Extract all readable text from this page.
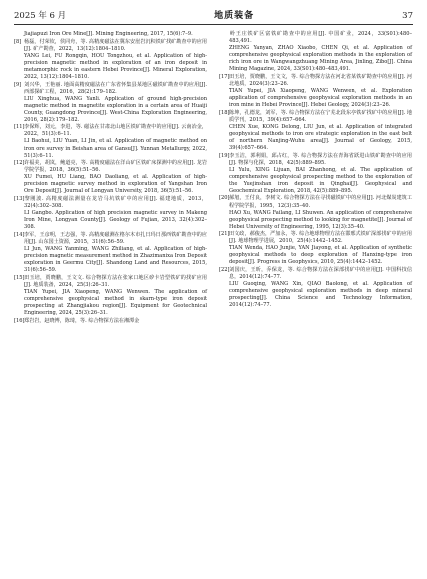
2025 年 6 月	地质装备	37
Jiajiapuzi Iron Ore Mine[J]. Mining Engineering, 2017, 15(6):7–9.
[8] 杨磊，付荣钦，侯同舟，等. 高精度磁法在冀东安崖岩沉积铁矿找矿勘查中的应用[J]. 矿产勘查，2022，13(12):1804–1810.
YANG Lei, FU Rongqin, HOU Tongzhou, et al. Application of high-precision magnetic method in exploration of an iron deposit in metamorphic rock in eastern Hebei Province[J]. Mineral Exploration, 2022, 13(12):1804–1810.
[9] 刘兴华，王艳丽. 地面高精度磁法在广东省怀集县某地区磁铁矿勘查中的应用[J]. 西部探矿工程，2016，28(2):179–182.
LIU Xinghua, WANG Yanli. Application of ground high-precision magnetic method in magnetite exploration in a certain area of Huaiji County, Guangdong Province[J]. West-China Exploration Engineering, 2016, 28(2):179–182.
[11]李保辉，刘元，李进，等. 磁法在甘肃北山地区铁矿勘查中的应用[J]. 云南冶金，2022，51(3):6–11.
LI Baohui, LIU Yuan, LI Jin, et al. Application of magnetic method on iron ore survey in Beishan area of Gansu[J]. Yunnan Metallurgy, 2022, 51(3):6–11.
[12]许福美，胡岚，鲍道亮，等. 高精度磁法在洋山矿区铁矿床探测中的应用[J]. 龙岩学院学报，2018，36(5):51–56.
XU Fumei, HU Liang, BAO Daoliang, et al. Application of high-precision magnetic survey method in exploration of Yangshan Iron Ore Deposit[J]. Journal of Longyan University, 2018, 36(5):51–56.
[13]黎刚波. 高精度磁法测量在龙岩马坑铁矿中的应用[J]. 福建地质，2013，32(4):302–308.
LI Gangbo. Application of high precision magnetic survey in Makeng Iron Mine, Longyan County[J]. Geology of Fujian, 2013, 32(4):302–308.
[14]李军，王彦明，王志强，等. 高精度磁测在格尔木市扎日玛日那西铁矿勘查中的应用[J]. 山东国土资源，2015，31(6):56–59.
LI Jun, WANG Yanming, WANG Zhiliang, et al. Application of high-precision magnetic measurement method in Zhazimanixa Iron Deposit exploration in Geermu City[J]. Shandong Land and Resources, 2015, 31(6):56–59.
[15]田玉培，贾晓鹏，王文文. 综合物探方法在张家口地区矽卡岩型铁矿的找矿应用[J]. 地质装备，2024，25(3):26–31.
TIAN Yupei, JIA Xiaopeng, WANG Wenwen. The application of comprehensive geophysical method in skarn-type iron deposit prospecting at Zhangjiakou region[J]. Equipment for Geotechnical Engineering, 2024, 25(3):26–31.
[16]郑岩岩，赵晓博，陈琦，等. 综合物探方法在湘潭金
岭王庄铁矿区富铁矿勘查中的应用[J]. 中国矿业，2024，33(S01):480–483,491.
ZHENG Yanyan, ZHAO Xiaobo, CHEN Qi, et al. Application of comprehensive geophysical exploration methods in the exploration of rich iron ore in Wangwangzhuang Mining Area, Jinling, Zibo[J]. China Mining Magazine, 2024, 33(S01):480–483,491.
[17]田玉培，贾晓鹏，王文文，等. 综合物探方法在河北省某铁矿勘查中的应用[J]. 河北地质，2024(3):23–26.
TIAN Yupei, JIA Xiaopeng, WANG Wenwen, et al. Exploration application of comprehensive geophysical exploration methods in an iron mine in Hebei Province[J]. Hebei Geology, 2024(3):23–26.
[18]陈坤，孔德龙，刘军，等. 综合物探方法在宁芜北段东亭铁矿找矿中的应用[J]. 地质学刊，2015，39(4):657–664.
CHEN Xue, KONG Delong, LIU Jun, et al. Application of integrated geophysical methods to iron ore strategic exploration in the east belt of northern Nanjing-Wuhu area[J]. Journal of Geology, 2015, 39(4):657–664.
[19]李玉洁，郭利娟，邱占红，等. 综合物探方法在青海省跃进山铁矿勘查中的应用[J]. 物探与化探，2018，42(5):889–895.
LI Yulu, XING Lijuan, BAI Zhanhong, et al. The application of comprehensive geophysical prospecting method to the exploration of the Yuejinshan iron deposit in Qinghai[J]. Geophysical and Geochemical Exploration, 2018, 42(5):889–895.
[20]郝旭，王付良，李树文. 综合物探方法在寻找磁铁矿中的应用[J]. 河北煤炭建筑工程学院学报，1995，12(3):35–40.
HAO Xu, WANG Failang, LI Shuwen. An application of comprehensive geophysical prospecting method to looking for magnetite[J]. Journal of Hebei University of Engineering, 1995, 12(3):35–40.
[21]田文政，郝俊杰，严加永，等. 综合地球物理方法在邯邢式铁矿深部找矿中的应用[J]. 地球物理学进展，2010，25(4):1442–1452.
TIAN Wenda, HAO Junjie, YAN Jiayong, et al. Application of synthetic geophysical methods to deep exploration of Hanxing-type iron deposit[J]. Progress in Geophysics, 2010, 25(4):1442–1452.
[22]刘国庆，王昕，乔保龙，等. 综合物探方法在深部找矿中的应用[J]. 中国科技信息，2014(12):74–77.
LIU Guoqing, WANG Xin, QIAO Baolong, et al. Application of comprehensive geophysical exploration methods in deep mineral prospecting[J]. China Science and Technology Information, 2014(12):74–77.
